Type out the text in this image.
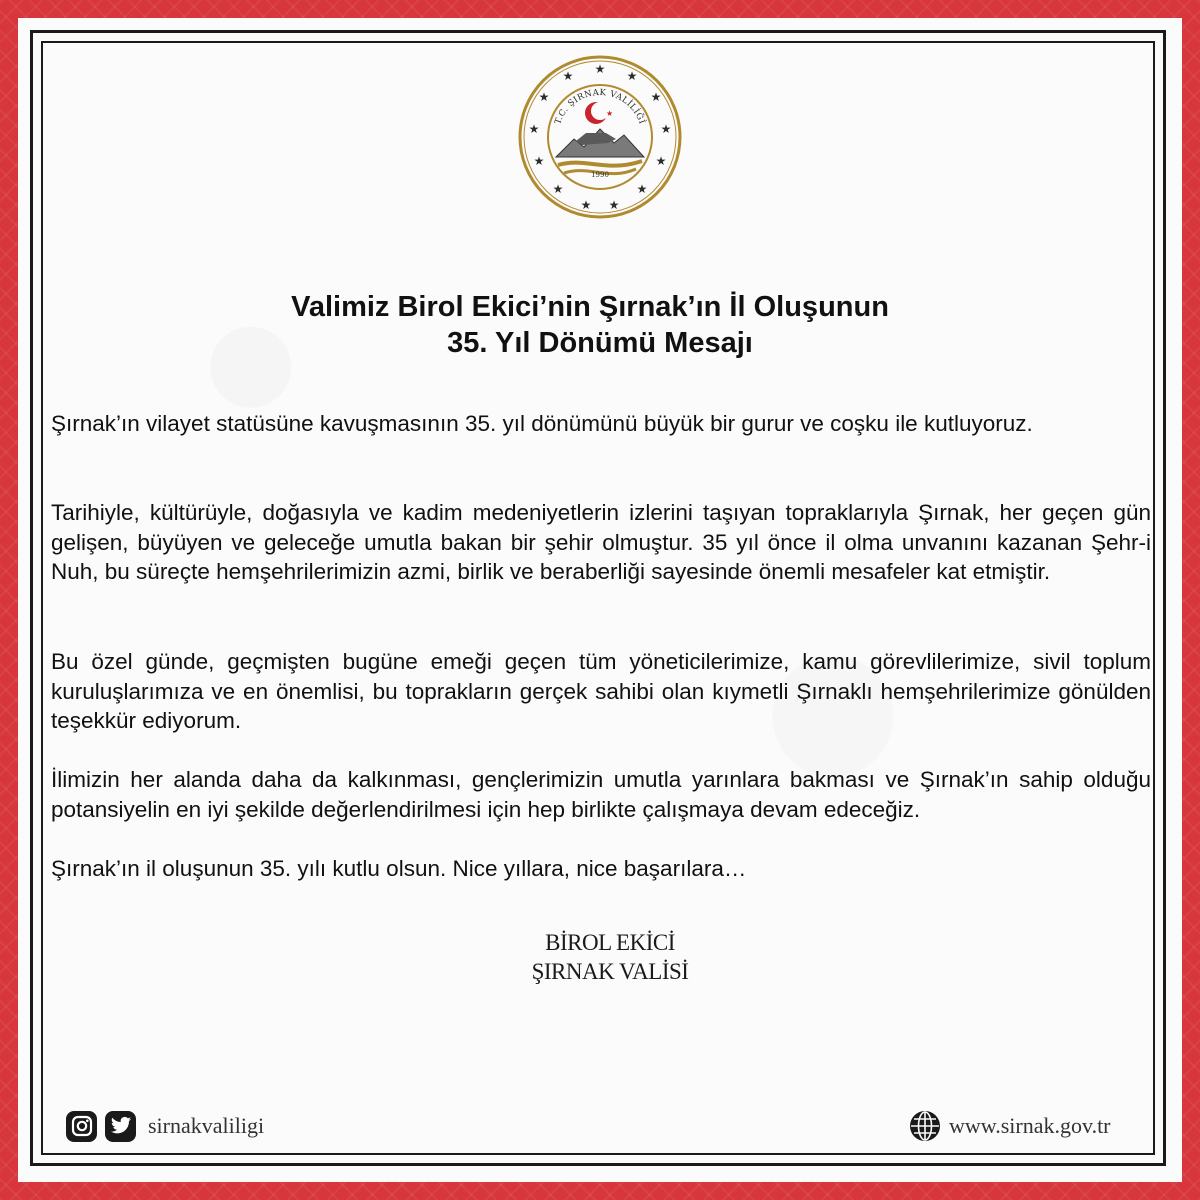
★ ★
★
★
★
★
★
★
★
★
★
★
★
T.C. ŞIRNAK VALİLİĞİ
★
1990
Valimiz Birol Ekici’nin Şırnak’ın İl Oluşunun
35. Yıl Dönümü Mesajı
Şırnak’ın vilayet statüsüne kavuşmasının 35. yıl dönümünü büyük bir gurur ve coşku ile kutluyoruz.
Tarihiyle, kültürüyle, doğasıyla ve kadim medeniyetlerin izlerini taşıyan topraklarıyla Şırnak, her geçen gün gelişen, büyüyen ve geleceğe umutla bakan bir şehir olmuştur. 35 yıl önce il olma unvanını kazanan Şehr-i Nuh, bu süreçte hemşehrilerimizin azmi, birlik ve beraberliği sayesinde önemli mesafeler kat etmiştir.
Bu özel günde, geçmişten bugüne emeği geçen tüm yöneticilerimize, kamu görevlilerimize, sivil toplum kuruluşlarımıza ve en önemlisi, bu toprakların gerçek sahibi olan kıymetli Şırnaklı hemşehrilerimize gönülden teşekkür ediyorum.
İlimizin her alanda daha da kalkınması, gençlerimizin umutla yarınlara bakması ve Şırnak’ın sahip olduğu potansiyelin en iyi şekilde değerlendirilmesi için hep birlikte çalışmaya devam edeceğiz.
Şırnak’ın il oluşunun 35. yılı kutlu olsun. Nice yıllara, nice başarılara…
BİROL EKİCİ
ŞIRNAK VALİSİ
sirnakvaliligi	www.sirnak.gov.tr
